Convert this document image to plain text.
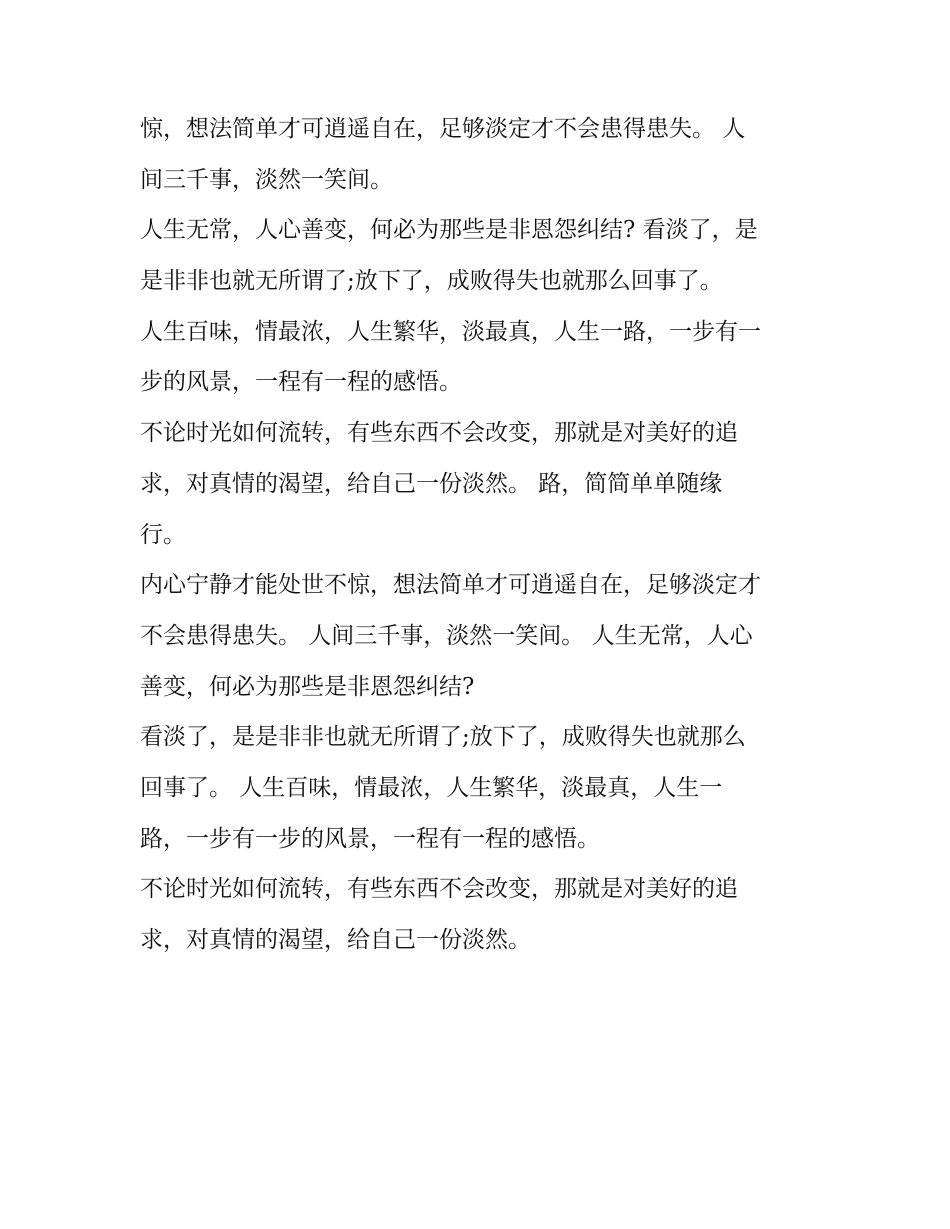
惊，想法简单才可逍遥自在，足够淡定才不会患得患失。 人
间三千事，淡然一笑间。
人生无常，人心善变，何必为那些是非恩怨纠结? 看淡了，是
是非非也就无所谓了;放下了，成败得失也就那么回事了。
人生百味，情最浓，人生繁华，淡最真，人生一路，一步有一
步的风景，一程有一程的感悟。
不论时光如何流转，有些东西不会改变，那就是对美好的追
求，对真情的渴望，给自己一份淡然。 路，简简单单随缘
行。
内心宁静才能处世不惊，想法简单才可逍遥自在，足够淡定才
不会患得患失。 人间三千事，淡然一笑间。 人生无常，人心
善变，何必为那些是非恩怨纠结?
看淡了，是是非非也就无所谓了;放下了，成败得失也就那么
回事了。 人生百味，情最浓，人生繁华，淡最真，人生一
路，一步有一步的风景，一程有一程的感悟。
不论时光如何流转，有些东西不会改变，那就是对美好的追
求，对真情的渴望，给自己一份淡然。
